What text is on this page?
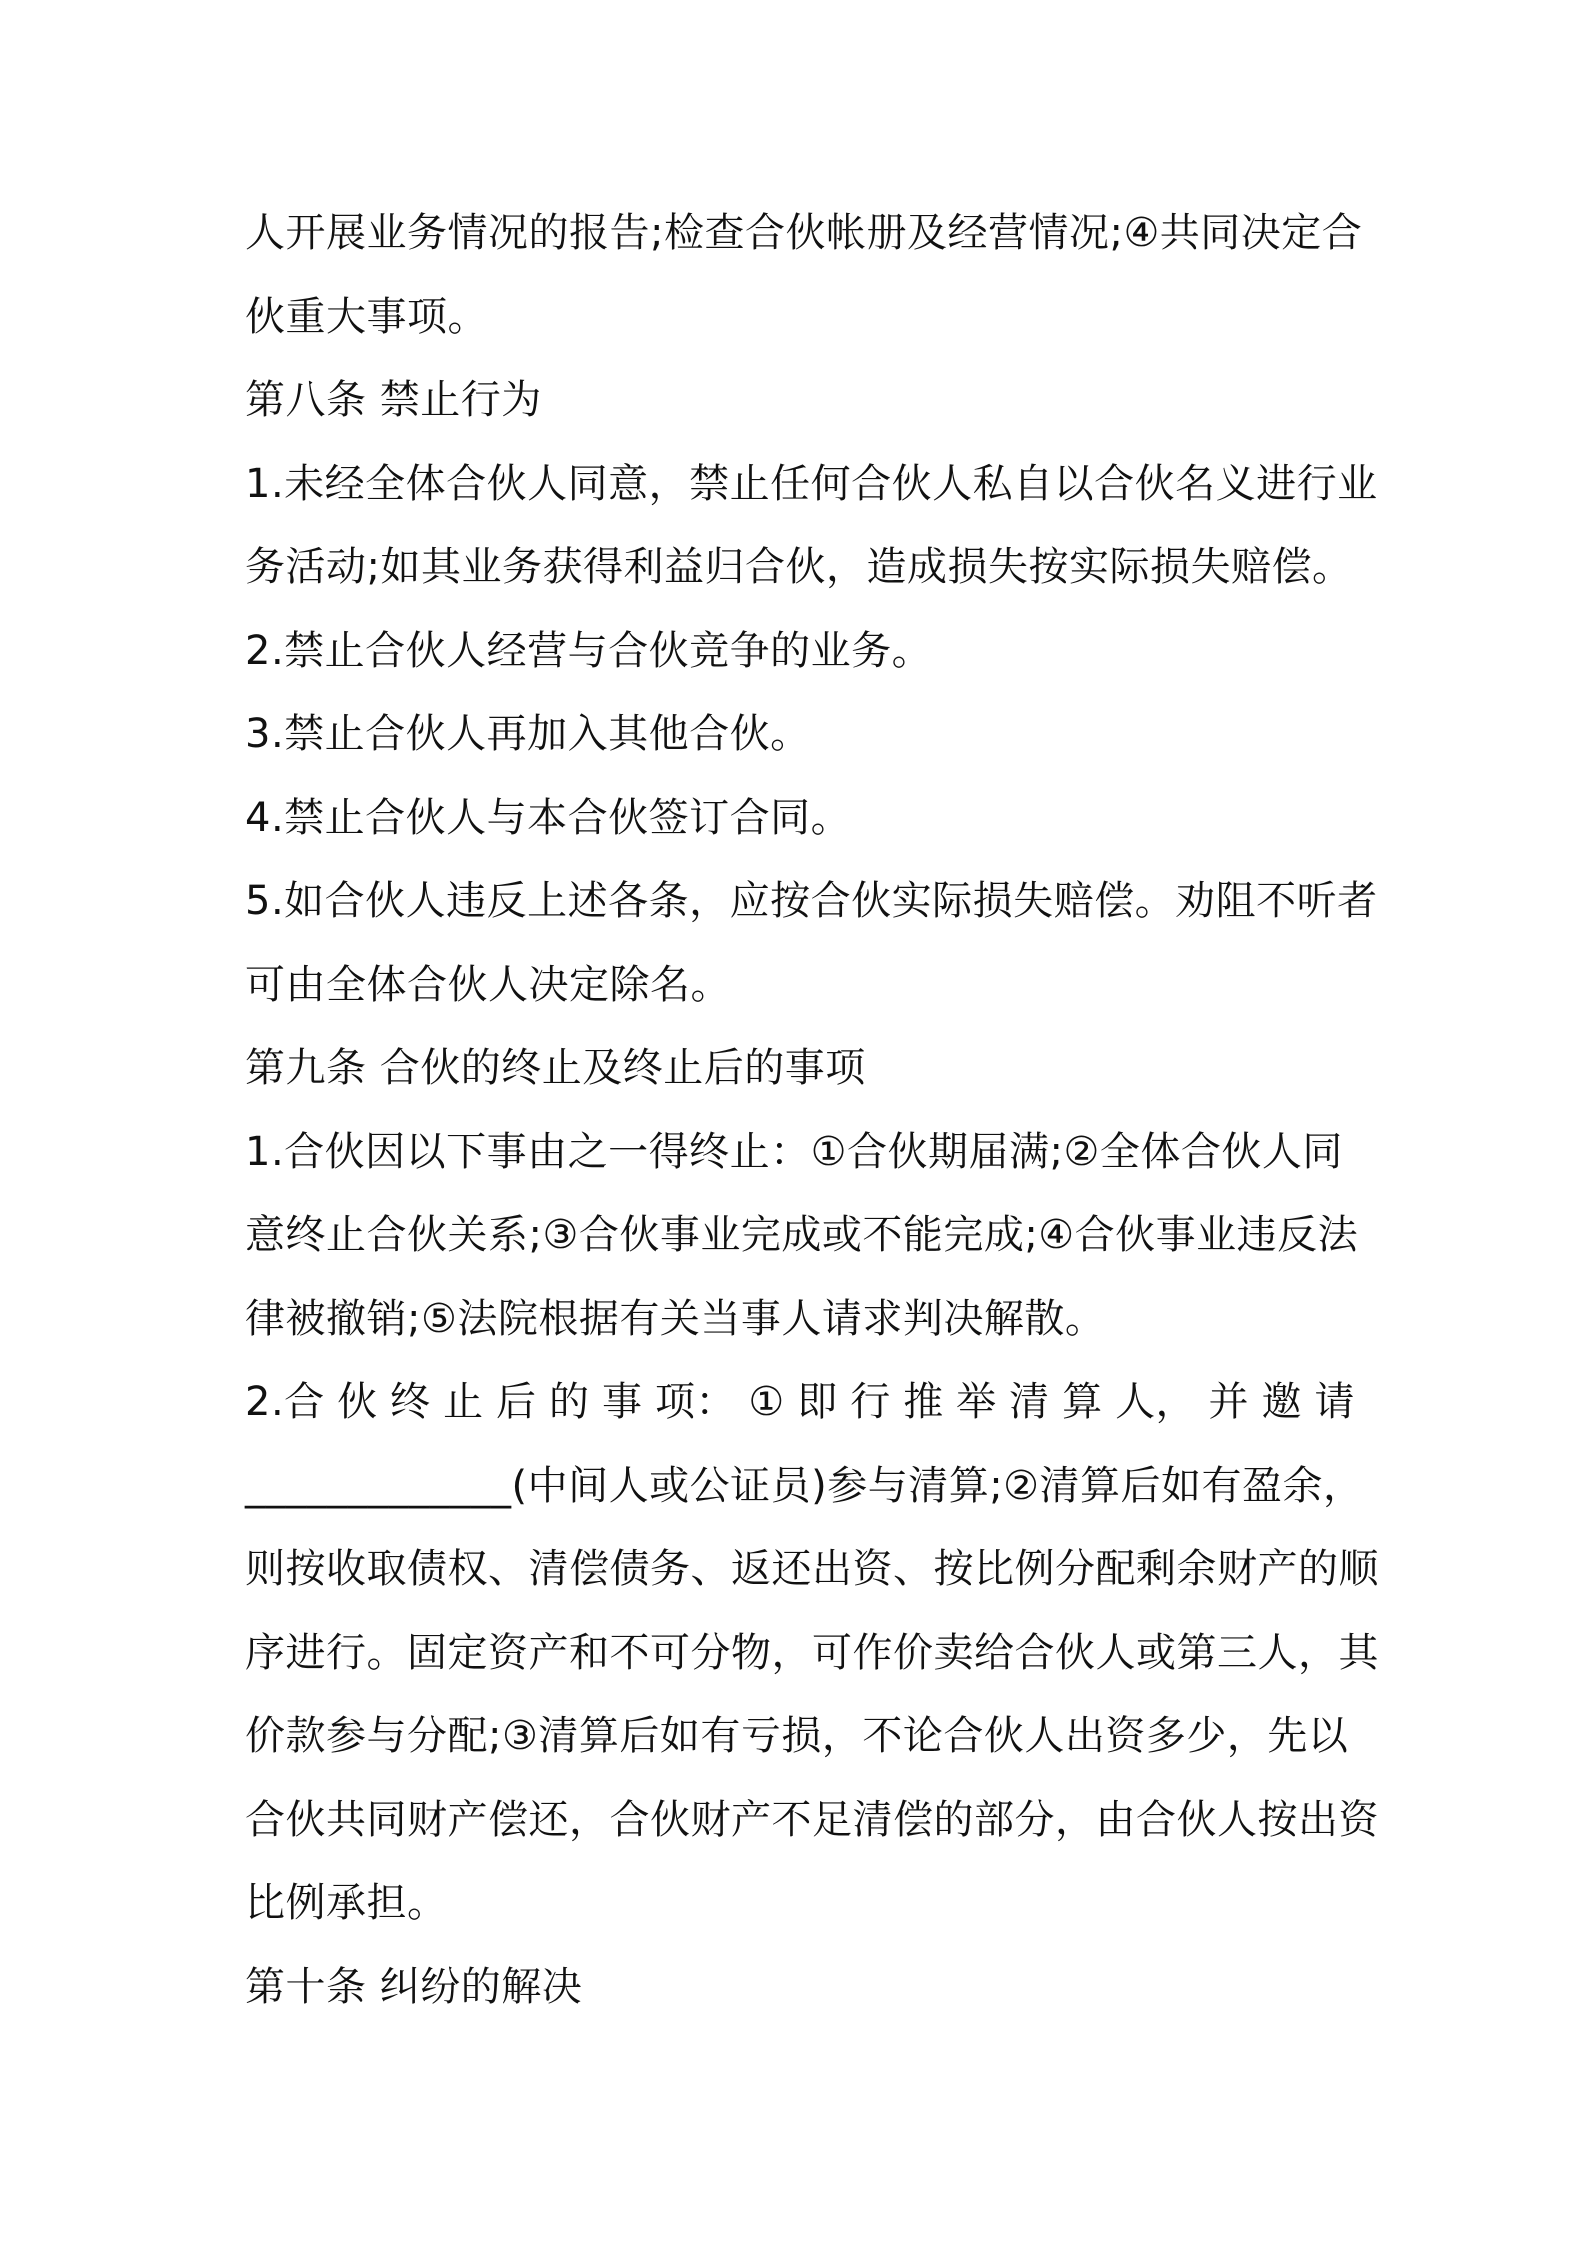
人开展业务情况的报告;检查合伙帐册及经营情况;④共同决定合
伙重大事项。
第八条 禁止行为
1.未经全体合伙人同意，禁止任何合伙人私自以合伙名义进行业
务活动;如其业务获得利益归合伙，造成损失按实际损失赔偿。
2.禁止合伙人经营与合伙竞争的业务。
3.禁止合伙人再加入其他合伙。
4.禁止合伙人与本合伙签订合同。
5.如合伙人违反上述各条，应按合伙实际损失赔偿。劝阻不听者
可由全体合伙人决定除名。
第九条 合伙的终止及终止后的事项
1.合伙因以下事由之一得终止：①合伙期届满;②全体合伙人同
意终止合伙关系;③合伙事业完成或不能完成;④合伙事业违反法
律被撤销;⑤法院根据有关当事人请求判决解散。
2.合 伙 终 止 后 的 事 项： ① 即 行 推 举 清 算 人， 并 邀 请
_____________(中间人或公证员)参与清算;②清算后如有盈余，
则按收取债权、清偿债务、返还出资、按比例分配剩余财产的顺
序进行。固定资产和不可分物，可作价卖给合伙人或第三人，其
价款参与分配;③清算后如有亏损，不论合伙人出资多少，先以
合伙共同财产偿还，合伙财产不足清偿的部分，由合伙人按出资
比例承担。
第十条 纠纷的解决
